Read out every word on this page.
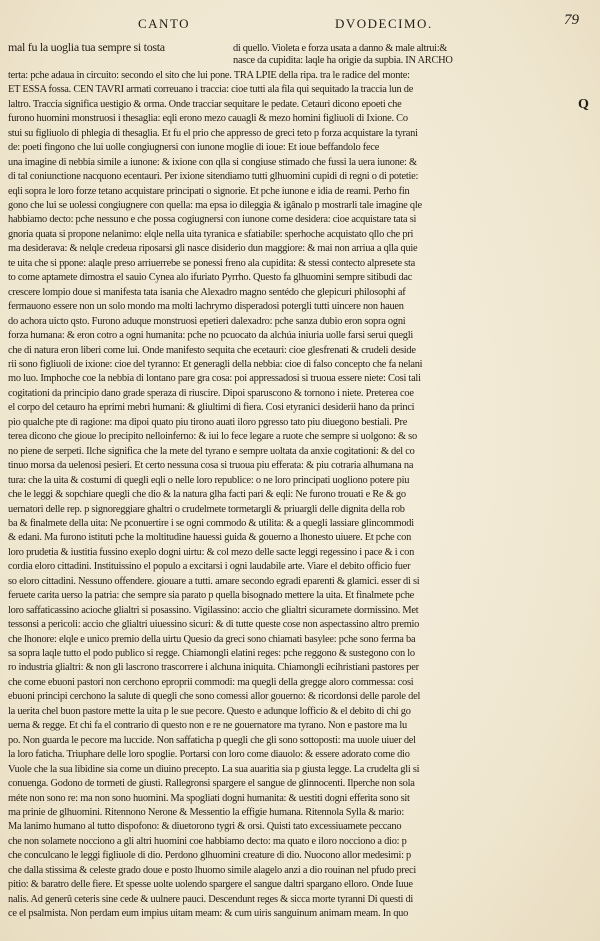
CANTO	DVODECIMO.	79
Q
mal fu la uoglia tua sempre si tosta	di quello. Violeta e forza usata a danno & male altrui:&
nasce da cupidita: laqle ha origie da supbia. IN ARCHO
terta: pche adaua in circuito: secondo el sito che lui pone. TRA LPIE della ripa. tra le radice del monte:
ET ESSA fossa. CEN TAVRI armati correuano i traccia: cioe tutti ala fila qui sequitado la traccia lun de
laltro. Traccia significa uestigio & orma. Onde tracciar sequitare le pedate. Cetauri dicono epoeti che
furono huomini monstruosi i thesaglia: eqli erono mezo cauagli & mezo homini figliuoli di Ixione. Co
stui su figliuolo di phlegia di thesaglia. Et fu el prio che appresso de greci teto p forza acquistare la tyrani
de: poeti fingono che lui uolle congiugnersi con iunone moglie di ioue: Et ioue beffandolo fece
una imagine di nebbia simile a iunone: & ixione con qlla si congiuse stimado che fussi la uera iunone: &
di tal coniunctione nacquono ecentauri. Per ixione sitendiamo tutti glhuomini cupidi di regni o di potetie:
eqli sopra le loro forze tetano acquistare principati o signorie. Et pche iunone e idia de reami. Perho fin
gono che lui se uolessi congiugnere con quella: ma epsa io dileggia & igânalo p mostrarli tale imagine qle
habbiamo decto: pche nessuno e che possa cogiugnersi con iunone come desidera: cioe acquistare tata si
gnoria quata si propone nelanimo: elqle nella uita tyranica e sfatiabile: sperhoche acquistato qllo che pri
ma desiderava: & nelqle credeua riposarsi gli nasce disiderio dun maggiore: & mai non arriua a qlla quie
te uita che si ppone: alaqle preso arriuerrebe se ponessi freno ala cupidita: & stessi contecto alpresete sta
to come aptamete dimostra el sauio Cynea alo ifuriato Pyrrho. Questo fa glhuomini sempre sitibudi dac
crescere lompio doue si manifesta tata isania che Alexadro magno sentédo che glepicuri philosophi af
fermauono essere non un solo mondo ma molti lachrymo disperadosi potergli tutti uincere non hauen
do achora uicto qsto. Furono aduque monstruosi epetieri dalexadro: pche sanza dubio eron sopra ogni
forza humana: & eron cotro a ogni humanita: pche no pcuocato da alchúa iniuria uolle farsi serui quegli
che di natura eron liberi come lui. Onde manifesto sequita che ecetauri: cioe glesfrenati & crudeli deside
rii sono figliuoli de ixione: cioe del tyranno: Et generagli della nebbia: cioe di falso concepto che fa nelani
mo luo. Imphoche coe la nebbia di lontano pare gra cosa: poi appressadosi si truoua essere niete: Cosi tali
cogitationi da principio dano grade speraza di riuscire. Dipoi sparuscono & tornono i niete. Preterea coe
el corpo del cetauro ha eprimi mebri humani: & gliultimi di fiera. Cosi etyranici desiderii hano da princi
pio qualche pte di ragione: ma dipoi quato piu tirono auati iloro pgresso tato piu diuegono bestiali. Pre
terea dicono che gioue lo precipito nelloinferno: & iui lo fece legare a ruote che sempre si uolgono: & so
no piene de serpeti. Ilche significa che la mete del tyrano e sempre uoltata da anxie cogitationi: & del co
tinuo morsa da uelenosi pesieri. Et certo nessuna cosa si truoua piu efferata: & piu cotraria alhumana na
tura: che la uita & costumi di quegli eqli o nelle loro republice: o ne loro principati uogliono potere piu
che le leggi & sopchiare quegli che dio & la natura glha facti pari & eqli: Ne furono trouati e Re & go
uernatori delle rep. p signoreggiare ghaltri o crudelmete tormetargli & priuargli delle dignita della rob
ba & finalmete della uita: Ne pconuertire i se ogni commodo & utilita: & a quegli lassiare glincommodi
& edani. Ma furono istituti pche la moltitudine hauessi guida & gouerno a lhonesto uiuere. Et pche con
loro prudetia & iustitia fussino exeplo dogni uirtu: & col mezo delle sacte leggi regessino i pace & i con
cordia eloro cittadini. Instituissino el populo a excitarsi i ogni laudabile arte. Viare el debito officio fuer
so eloro cittadini. Nessuno offendere. giouare a tutti. amare secondo egradi eparenti & glamici. esser di si
feruete carita uerso la patria: che sempre sia parato p quella bisognado mettere la uita. Et finalmete pche
loro saffaticassino acioche glialtri si posassino. Vigilassino: accio che glialtri sicuramete dormissino. Met
tessonsi a pericoli: accio che glialtri uiuessino sicuri: & di tutte queste cose non aspectassino altro premio
che lhonore: elqle e unico premio della uirtu Quesio da greci sono chiamati basylee: pche sono ferma ba
sa sopra laqle tutto el podo publico si regge. Chiamongli elatini reges: pche reggono & sustegono con lo
ro industria glialtri: & non gli lascrono trascorrere i alchuna iniquita. Chiamongli ecihristiani pastores per
che come ebuoni pastori non cerchono eproprii commodi: ma quegli della gregge aloro commessa: cosi
ebuoni principi cerchono la salute di quegli che sono comessi allor gouerno: & ricordonsi delle parole del
la uerita chel buon pastore mette la uita p le sue pecore. Questo e adunque lofficio & el debito di chi go
uerna & regge. Et chi fa el contrario di questo non e re ne gouernatore ma tyrano. Non e pastore ma lu
po. Non guarda le pecore ma luccide. Non saffaticha p quegli che gli sono sottoposti: ma uuole uiuer del
la loro faticha. Triuphare delle loro spoglie. Portarsi con loro come diauolo: & essere adorato come dio
Vuole che la sua libidine sia come un diuino precepto. La sua auaritia sia p giusta legge. La crudelta gli si
conuenga. Godono de tormeti de giusti. Rallegronsi spargere el sangue de glinnocenti. Ilperche non sola
méte non sono re: ma non sono huomini. Ma spogliati dogni humanita: & uestiti dogni efferita sono sit
ma prinie de glhuomini. Ritennono Nerone & Messentio la effigie humana. Ritennola Sylla & mario:
Ma lanimo humano al tutto dispofono: & diuetorono tygri & orsi. Quisti tato excessiuamete peccano
che non solamete nocciono a gli altri huomini coe habbiamo decto: ma quato e iloro nocciono a dio: p
che conculcano le leggi figliuole di dio. Perdono glhuomini creature di dio. Nuocono allor medesimi: p
che dalla stissima & celeste grado doue e posto lhuomo simile alagelo anzi a dio rouinan nel pfudo preci
pitio: & baratro delle fiere. Et spesse uolte uolendo spargere el sangue daltri spargano elloro. Onde Iuue
nalis. Ad generû ceteris sine cede & uulnere pauci. Descendunt reges & sicca morte tyranni Di questi di
ce el psalmista. Non perdam eum impius uitam meam: & cum uiris sanguinum animam meam. In quo
